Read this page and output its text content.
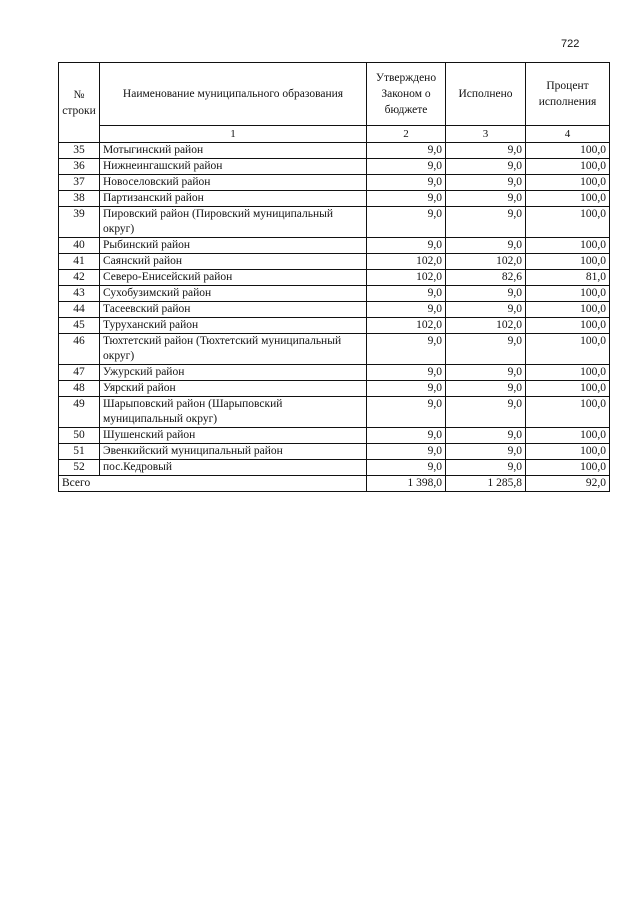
722
№ строки	Наименование муниципального образования	Утверждено Законом о бюджете	Исполнено	Процент исполнения
	1	2	3	4
35	Мотыгинский район	9,0	9,0	100,0
36	Нижнеингашский район	9,0	9,0	100,0
37	Новоселовский район	9,0	9,0	100,0
38	Партизанский район	9,0	9,0	100,0
39	Пировский район (Пировский муниципальный округ)	9,0	9,0	100,0
40	Рыбинский район	9,0	9,0	100,0
41	Саянский район	102,0	102,0	100,0
42	Северо-Енисейский район	102,0	82,6	81,0
43	Сухобузимский район	9,0	9,0	100,0
44	Тасеевский район	9,0	9,0	100,0
45	Туруханский район	102,0	102,0	100,0
46	Тюхтетский район (Тюхтетский муниципальный округ)	9,0	9,0	100,0
47	Ужурский район	9,0	9,0	100,0
48	Уярский район	9,0	9,0	100,0
49	Шарыповский район (Шарыповский муниципальный округ)	9,0	9,0	100,0
50	Шушенский район	9,0	9,0	100,0
51	Эвенкийский муниципальный район	9,0	9,0	100,0
52	пос.Кедровый	9,0	9,0	100,0
Всего		1 398,0	1 285,8	92,0
